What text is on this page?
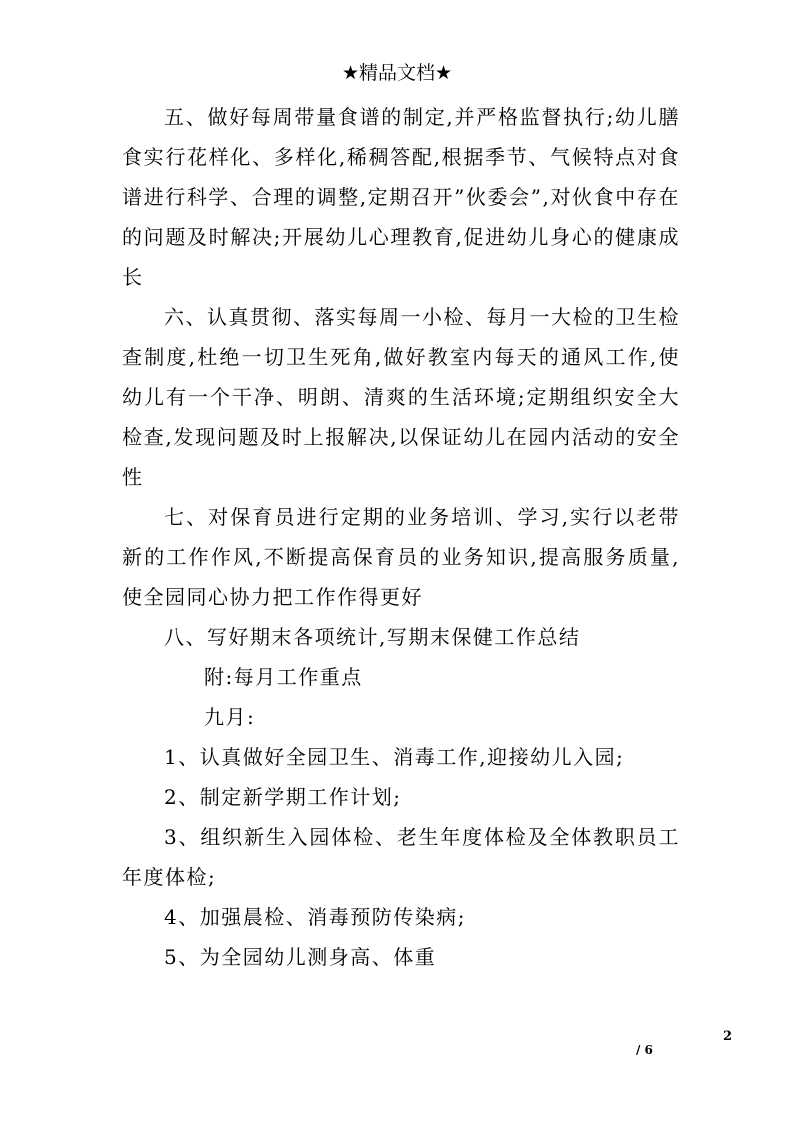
★精品文档★

五、做好每周带量食谱的制定,并严格监督执行;幼儿膳食实行花样化、多样化,稀稠答配,根据季节、气候特点对食谱进行科学、合理的调整,定期召开”伙委会”,对伙食中存在的问题及时解决;开展幼儿心理教育,促进幼儿身心的健康成长

六、认真贯彻、落实每周一小检、每月一大检的卫生检查制度,杜绝一切卫生死角,做好教室内每天的通风工作,使幼儿有一个干净、明朗、清爽的生活环境;定期组织安全大检查,发现问题及时上报解决,以保证幼儿在园内活动的安全性

七、对保育员进行定期的业务培训、学习,实行以老带新的工作作风,不断提高保育员的业务知识,提高服务质量,使全园同心协力把工作作得更好

八、写好期末各项统计,写期末保健工作总结

附:每月工作重点

九月:

1、认真做好全园卫生、消毒工作,迎接幼儿入园;

2、制定新学期工作计划;

3、组织新生入园体检、老生年度体检及全体教职员工年度体检;

4、加强晨检、消毒预防传染病;

5、为全园幼儿测身高、体重

2
/ 6
